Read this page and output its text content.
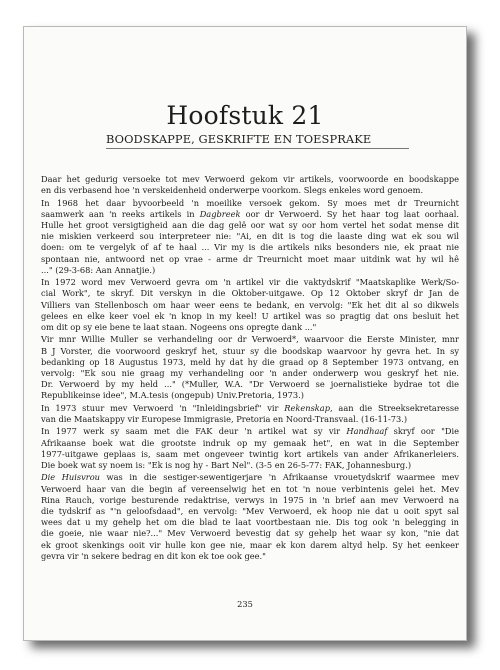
Hoofstuk 21
BOODSKAPPE, GESKRIFTE EN TOESPRAKE
Daar het gedurig versoeke tot mev Verwoerd gekom vir artikels, voorwoorde en boodskappe
en dis verbasend hoe 'n verskeidenheid onderwerpe voorkom. Slegs enkeles word genoem.
In 1968 het daar byvoorbeeld 'n moeilike versoek gekom. Sy moes met dr Treurnicht
saamwerk aan 'n reeks artikels in Dagbreek oor dr Verwoerd. Sy het haar tog laat oorhaal.
Hulle het groot versigtigheid aan die dag gelê oor wat sy oor hom vertel het sodat mense dit
nie miskien verkeerd sou interpreteer nie: "Ai, en dit is tog die laaste ding wat ek sou wil
doen: om te vergelyk of af te haal ... Vir my is die artikels niks besonders nie, ek praat nie
spontaan nie, antwoord net op vrae - arme dr Treurnicht moet maar uitdink wat hy wil hê
..." (29-3-68: Aan Annatjie.)
In 1972 word mev Verwoerd gevra om 'n artikel vir die vaktydskrif "Maatskaplike Werk/So-
cial Work", te skryf. Dit verskyn in die Oktober-uitgawe. Op 12 Oktober skryf dr Jan de
Villiers van Stellenbosch om haar weer eens te bedank, en vervolg: "Ek het dit al so dikwels
gelees en elke keer voel ek 'n knop in my keel! U artikel was so pragtig dat ons besluit het
om dit op sy eie bene te laat staan. Nogeens ons opregte dank ..."
Vir mnr Willie Muller se verhandeling oor dr Verwoerd*, waarvoor die Eerste Minister, mnr
B J Vorster, die voorwoord geskryf het, stuur sy die boodskap waarvoor hy gevra het. In sy
bedanking op 18 Augustus 1973, meld hy dat hy die graad op 8 September 1973 ontvang, en
vervolg: "Ek sou nie graag my verhandeling oor 'n ander onderwerp wou geskryf het nie.
Dr. Verwoerd by my held ..." (*Muller, W.A. "Dr Verwoerd se joernalistieke bydrae tot die
Republikeinse idee", M.A.tesis (ongepub) Univ.Pretoria, 1973.)
In 1973 stuur mev Verwoerd 'n "Inleidingsbrief" vir Rekenskap, aan die Streeksekretaresse
van die Maatskappy vir Europese Immigrasie, Pretoria en Noord-Transvaal. (16-11-73.)
In 1977 werk sy saam met die FAK deur 'n artikel wat sy vir Handhaaf skryf oor "Die
Afrikaanse boek wat die grootste indruk op my gemaak het", en wat in die September
1977-uitgawe geplaas is, saam met ongeveer twintig kort artikels van ander Afrikanerleiers.
Die boek wat sy noem is: "Ek is nog hy - Bart Nel". (3-5 en 26-5-77: FAK, Johannesburg.)
Die Huisvrou was in die sestiger-sewentigerjare 'n Afrikaanse vrouetydskrif waarmee mev
Verwoerd haar van die begin af vereenselwig het en tot 'n noue verbintenis gelei het. Mev
Rina Rauch, vorige besturende redaktrise, verwys in 1975 in 'n brief aan mev Verwoerd na
die tydskrif as "'n geloofsdaad", en vervolg: "Mev Verwoerd, ek hoop nie dat u ooit spyt sal
wees dat u my gehelp het om die blad te laat voortbestaan nie. Dis tog ook 'n belegging in
die goeie, nie waar nie?..." Mev Verwoerd bevestig dat sy gehelp het waar sy kon, "nie dat
ek groot skenkings ooit vir hulle kon gee nie, maar ek kon darem altyd help. Sy het eenkeer
gevra vir 'n sekere bedrag en dit kon ek toe ook gee."
235
